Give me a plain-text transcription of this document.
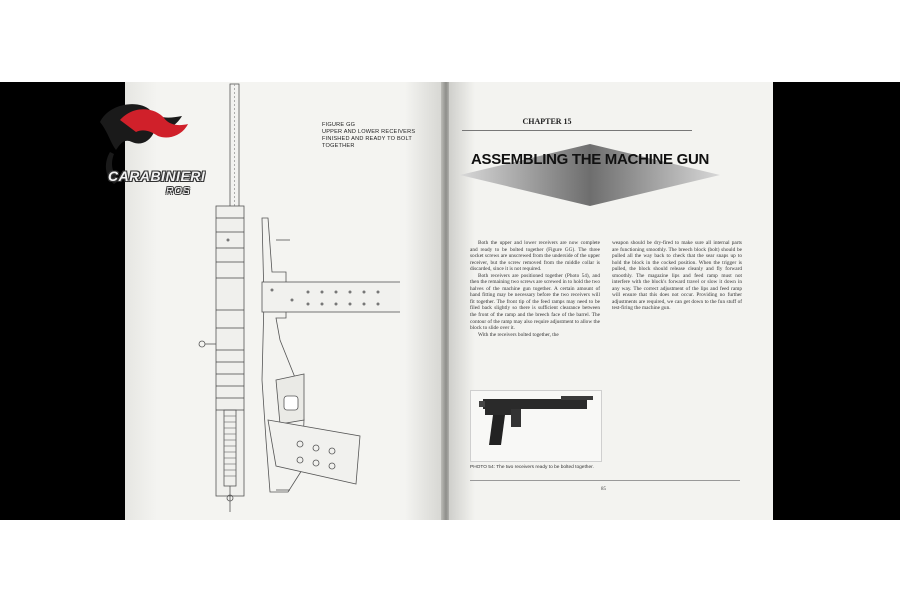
FIGURE GG
UPPER AND LOWER RECEIVERS FINISHED AND READY TO BOLT TOGETHER
CHAPTER 15
ASSEMBLING THE MACHINE GUN

Both the upper and lower receivers are now complete and ready to be bolted together (Figure GG). The three socket screws are unscrewed from the underside of the upper receiver, but the screw removed from the middle collar is discarded, since it is not required.

Both receivers are positioned together (Photo 54), and then the remaining two screws are screwed in to hold the two halves of the machine gun together. A certain amount of hand fitting may be necessary before the two receivers will fit together. The front tip of the feed ramps may need to be filed back slightly so there is sufficient clearance between the front of the ramp and the breech face of the barrel. The contour of the ramp may also require adjustment to allow the block to slide over it.

With the receivers bolted together, the

weapon should be dry-fired to make sure all internal parts are functioning smoothly. The breech block (bolt) should be pulled all the way back to check that the sear snaps up to hold the block in the cocked position. When the trigger is pulled, the block should release cleanly and fly forward smoothly. The magazine lips and feed ramp must not interfere with the block's forward travel or slow it down in any way. The correct adjustment of the lips and feed ramp will ensure that this does not occur. Providing no further adjustments are required, we can get down to the fun stuff of test-firing the machine gun.

PHOTO 54: The two receivers ready to be bolted together.
85
CARABINIERI
ROS
